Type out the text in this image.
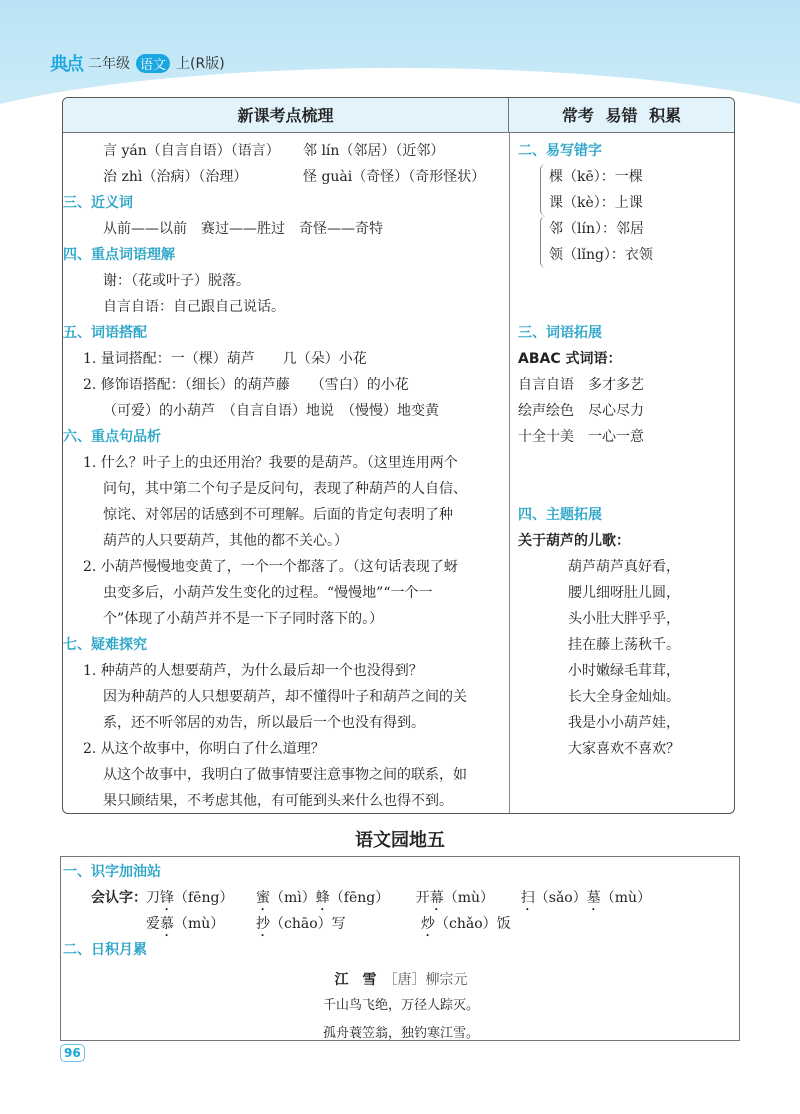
典点 二年级 语文 上(R版)
新课考点梳理	常考 易错 积累
言 yán（自言自语）（语言）	邻 lín（邻居）（近邻）
治 zhì（治病）（治理）	怪 guài（奇怪）（奇形怪状）
三、近义词
从前——以前　赛过——胜过　奇怪——奇特
四、重点词语理解
谢：（花或叶子）脱落。
自言自语：自己跟自己说话。
五、词语搭配
1. 量词搭配：一（棵）葫芦　　几（朵）小花
2. 修饰语搭配：（细长）的葫芦藤　　（雪白）的小花
（可爱）的小葫芦　（自言自语）地说　（慢慢）地变黄
六、重点句品析
1. 什么？叶子上的虫还用治？我要的是葫芦。（这里连用两个
问句，其中第二个句子是反问句，表现了种葫芦的人自信、
惊诧、对邻居的话感到不可理解。后面的肯定句表明了种
葫芦的人只要葫芦，其他的都不关心。）
2. 小葫芦慢慢地变黄了，一个一个都落了。（这句话表现了蚜
虫变多后，小葫芦发生变化的过程。“慢慢地”“一个一
个”体现了小葫芦并不是一下子同时落下的。）
七、疑难探究
1. 种葫芦的人想要葫芦，为什么最后却一个也没得到？
因为种葫芦的人只想要葫芦，却不懂得叶子和葫芦之间的关
系，还不听邻居的劝告，所以最后一个也没有得到。
2. 从这个故事中，你明白了什么道理？
从这个故事中，我明白了做事情要注意事物之间的联系，如
果只顾结果，不考虑其他，有可能到头来什么也得不到。
二、易写错字
棵（kē）：一棵
课（kè）：上课
邻（lín）：邻居
领（lǐng）：衣领
三、词语拓展
ABAC 式词语：
自言自语　多才多艺
绘声绘色　尽心尽力
十全十美　一心一意
四、主题拓展
关于葫芦的儿歌：
葫芦葫芦真好看，
腰儿细呀肚儿圆，
头小肚大胖乎乎，
挂在藤上荡秋千。
小时嫩绿毛茸茸，
长大全身金灿灿。
我是小小葫芦娃，
大家喜欢不喜欢？
语文园地五
一、识字加油站
会认字： 刀锋（fēng）	蜜（mì） 蜂（fēng）	开幕（mù）	扫（sǎo） 墓（mù）
爱慕（mù）	抄（chāo）写	炒（chǎo）饭
二、日积月累
江　雪　 ［唐］柳宗元
千山鸟飞绝，万径人踪灭。
孤舟蓑笠翁，独钓寒江雪。
96
